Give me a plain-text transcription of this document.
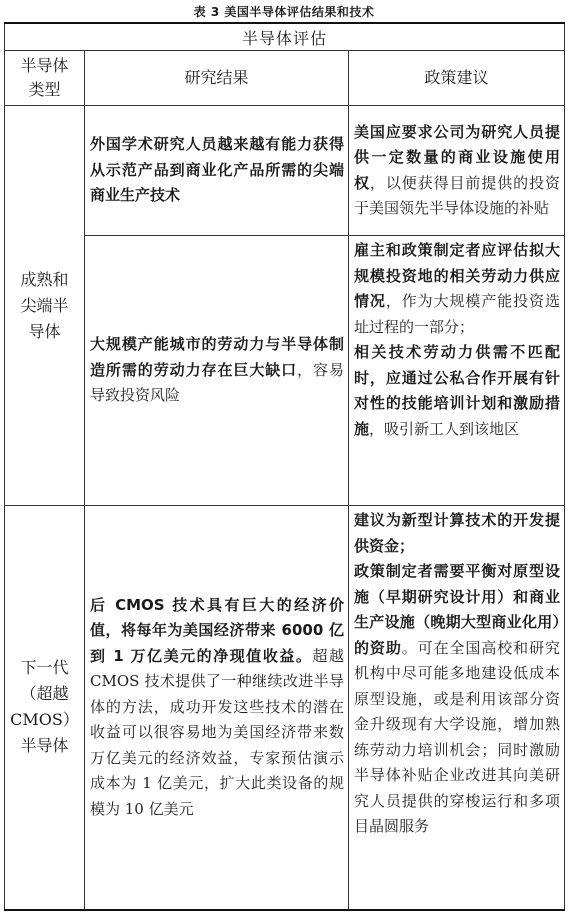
表 3 美国半导体评估结果和技术
半导体评估		
半导体
类型	研究结果	政策建议
成熟和
尖端半
导体	外国学术研究人员越来越有能力获得从示范产品到商业化产品所需的尖端商业生产技术	美国应要求公司为研究人员提供一定数量的商业设施使用权，以便获得目前提供的投资于美国领先半导体设施的补贴
	大规模产能城市的劳动力与半导体制造所需的劳动力存在巨大缺口，容易导致投资风险	雇主和政策制定者应评估拟大规模投资地的相关劳动力供应情况，作为大规模产能投资选址过程的一部分；
相关技术劳动力供需不匹配时，应通过公私合作开展有针对性的技能培训计划和激励措施，吸引新工人到该地区
下一代
（超越
CMOS）
半导体	后 CMOS 技术具有巨大的经济价值，将每年为美国经济带来 6000 亿到 1 万亿美元的净现值收益。超越 CMOS 技术提供了一种继续改进半导体的方法，成功开发这些技术的潜在收益可以很容易地为美国经济带来数万亿美元的经济效益，专家预估演示成本为 1 亿美元，扩大此类设备的规模为 10 亿美元	建议为新型计算技术的开发提供资金；
政策制定者需要平衡对原型设施（早期研究设计用）和商业生产设施（晚期大型商业化用）的资助。可在全国高校和研究机构中尽可能多地建设低成本原型设施，或是利用该部分资金升级现有大学设施，增加熟练劳动力培训机会；同时激励半导体补贴企业改进其向美研究人员提供的穿梭运行和多项目晶圆服务
